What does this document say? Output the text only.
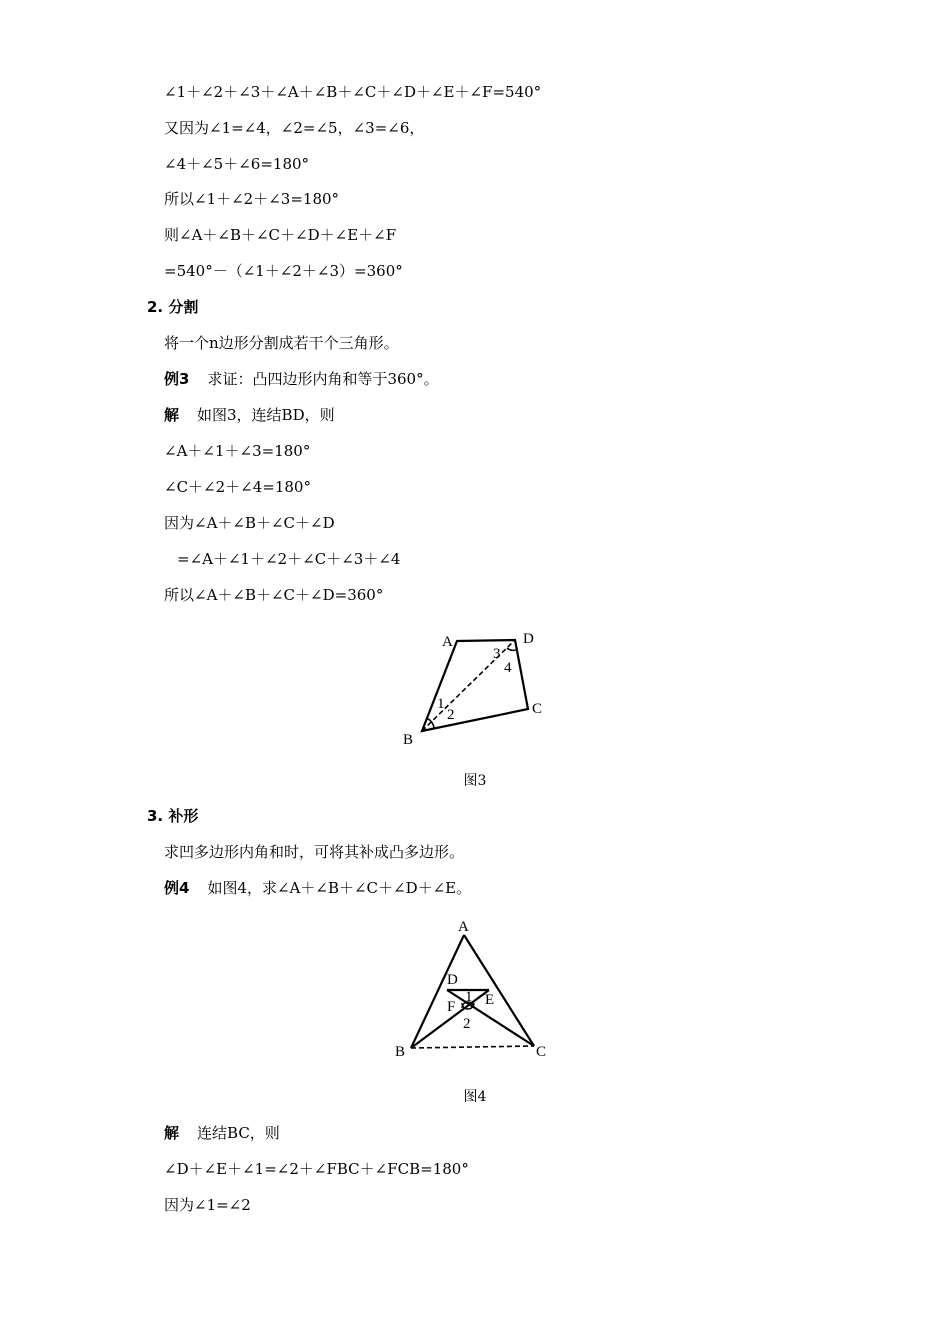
∠1＋∠2＋∠3＋∠A＋∠B＋∠C＋∠D＋∠E＋∠F=540°
又因为∠1=∠4，∠2=∠5，∠3=∠6，
∠4＋∠5＋∠6=180°
所以∠1＋∠2＋∠3=180°
则∠A＋∠B＋∠C＋∠D＋∠E＋∠F
=540°－（∠1＋∠2＋∠3）=360°
2. 分割
将一个n边形分割成若干个三角形。
例3 求证：凸四边形内角和等于360°。
解 如图3，连结BD，则
∠A＋∠1＋∠3=180°
∠C＋∠2＋∠4=180°
因为∠A＋∠B＋∠C＋∠D
=∠A＋∠1＋∠2＋∠C＋∠3＋∠4
所以∠A＋∠B＋∠C＋∠D=360°
A	D
C
B
1
2
3
4
图3
3. 补形
求凹多边形内角和时，可将其补成凸多边形。
例4 如图4，求∠A＋∠B＋∠C＋∠D＋∠E。
A
D
E
F
B	C
1
2
图4
解 连结BC，则
∠D＋∠E＋∠1=∠2＋∠FBC＋∠FCB=180°
因为∠1=∠2
